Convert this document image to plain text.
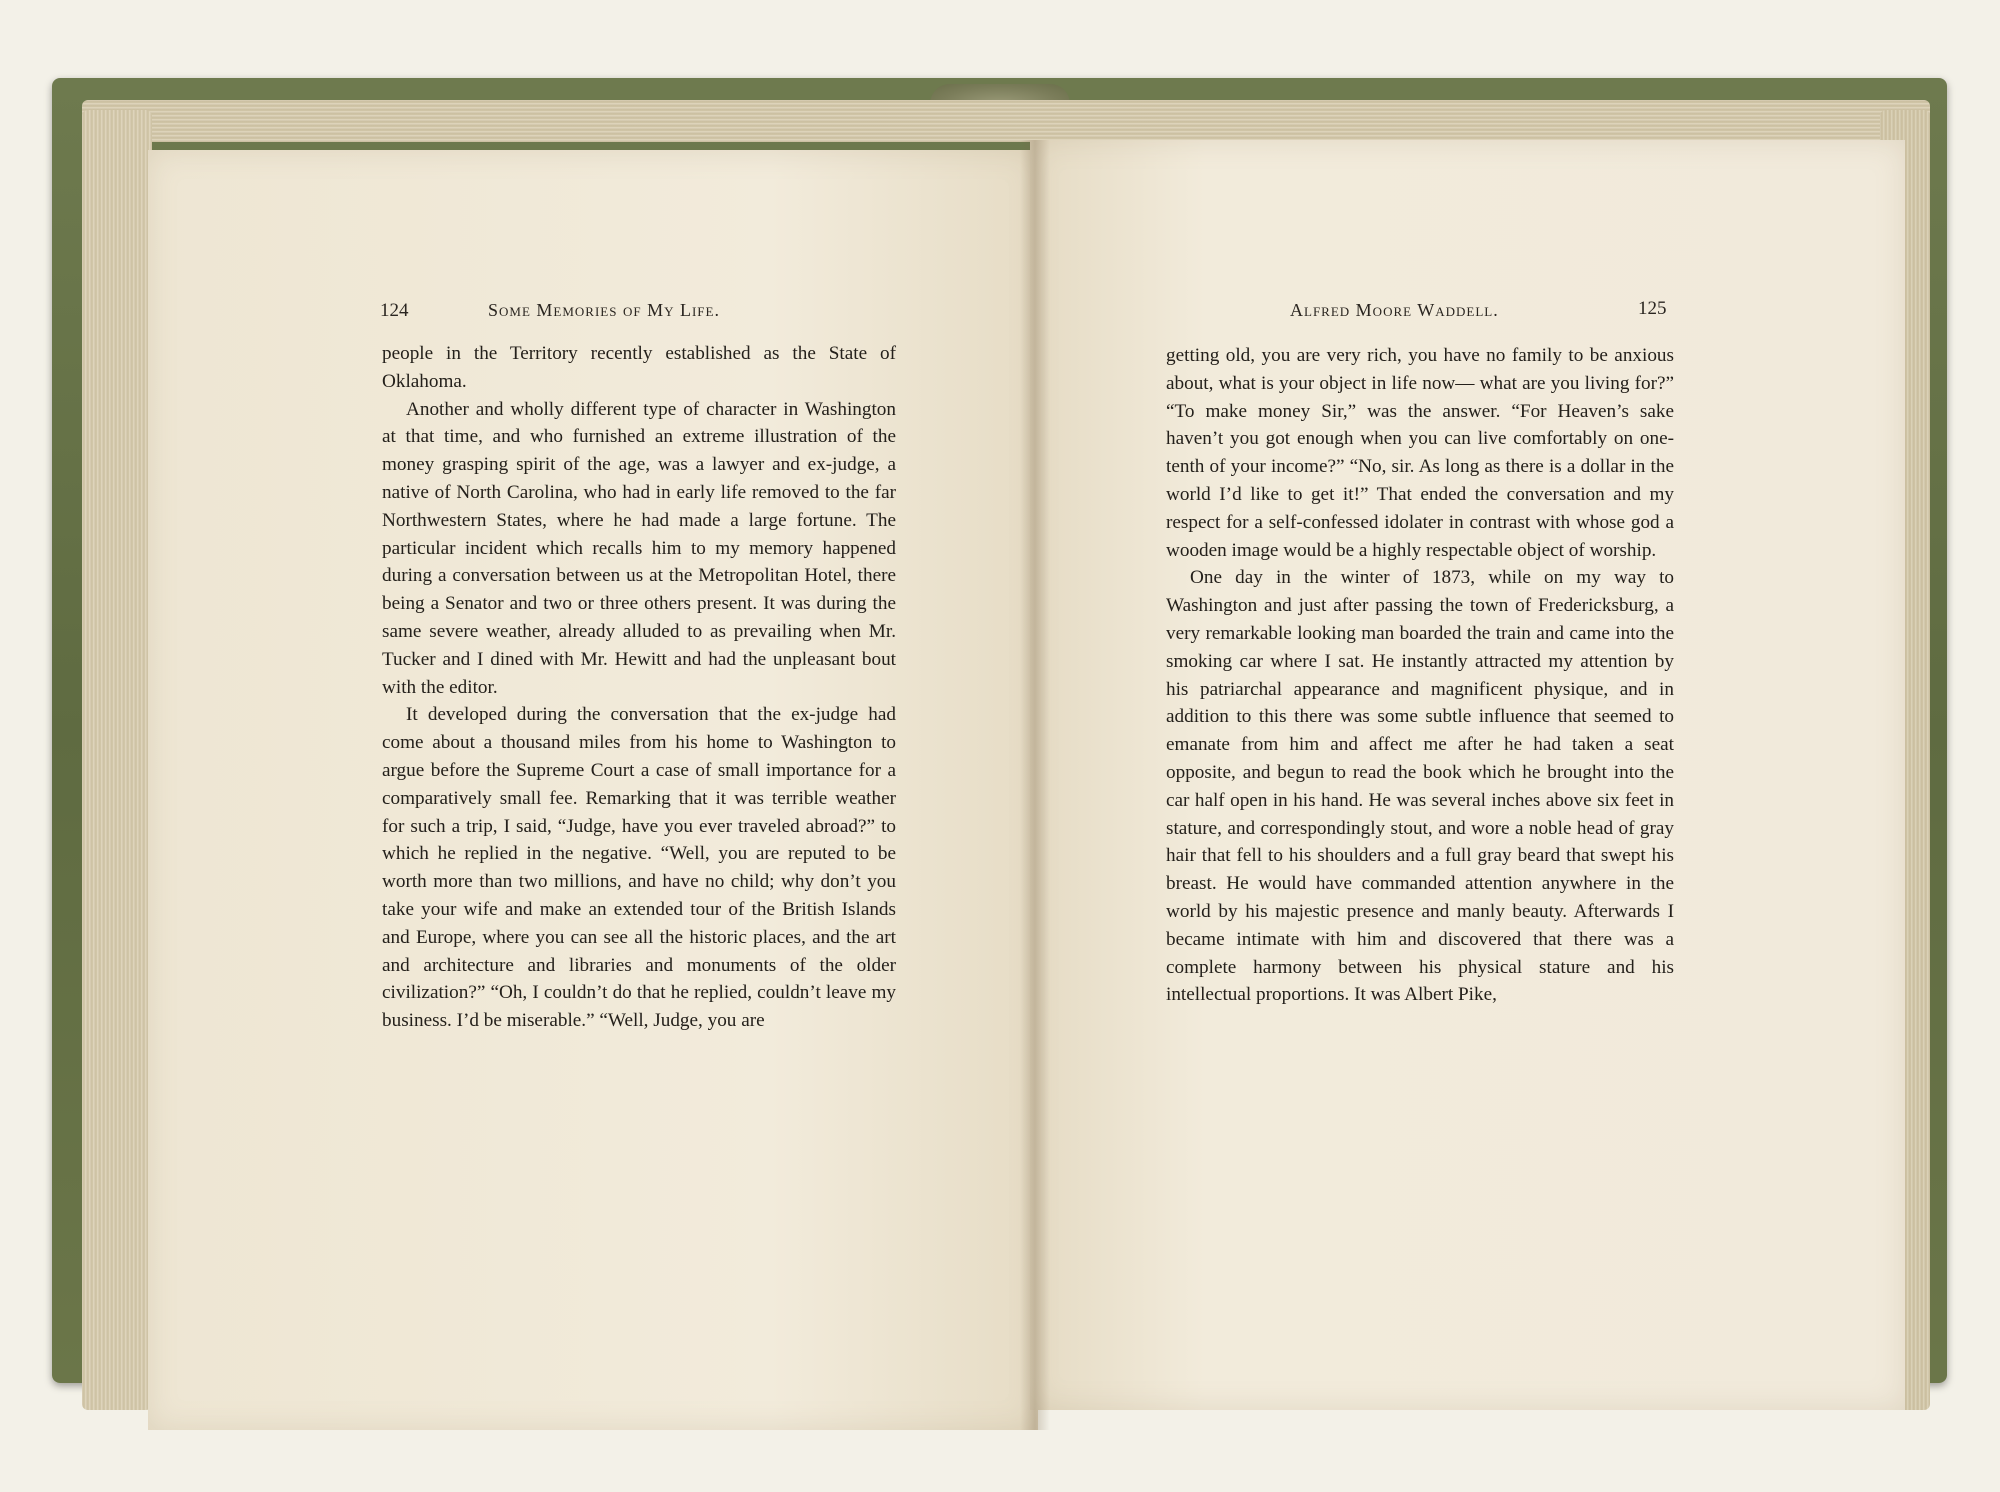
124	Some Memories of My Life.

people in the Territory recently established as the State of Oklahoma.

Another and wholly different type of character in Washington at that time, and who furnished an extreme illustration of the money grasping spirit of the age, was a lawyer and ex-judge, a native of North Carolina, who had in early life removed to the far Northwestern States, where he had made a large fortune. The particular incident which recalls him to my memory happened during a conversation between us at the Metropolitan Hotel, there being a Senator and two or three others present. It was during the same severe weather, already alluded to as prevailing when Mr. Tucker and I dined with Mr. Hewitt and had the unpleasant bout with the editor.

It developed during the conversation that the ex-judge had come about a thousand miles from his home to Washington to argue before the Supreme Court a case of small importance for a comparatively small fee. Remarking that it was terrible weather for such a trip, I said, “Judge, have you ever traveled abroad?” to which he replied in the negative. “Well, you are reputed to be worth more than two millions, and have no child; why don’t you take your wife and make an extended tour of the British Islands and Europe, where you can see all the historic places, and the art and architecture and libraries and monuments of the older civilization?” “Oh, I couldn’t do that he replied, couldn’t leave my business. I’d be miserable.” “Well, Judge, you are

Alfred Moore Waddell.	125

getting old, you are very rich, you have no family to be anxious about, what is your object in life now— what are you living for?” “To make money Sir,” was the answer. “For Heaven’s sake haven’t you got enough when you can live comfortably on one-tenth of your income?” “No, sir. As long as there is a dollar in the world I’d like to get it!” That ended the conversation and my respect for a self-confessed idolater in contrast with whose god a wooden image would be a highly respectable object of worship.

One day in the winter of 1873, while on my way to Washington and just after passing the town of Fredericksburg, a very remarkable looking man boarded the train and came into the smoking car where I sat. He instantly attracted my attention by his patriarchal appearance and magnificent physique, and in addition to this there was some subtle influence that seemed to emanate from him and affect me after he had taken a seat opposite, and begun to read the book which he brought into the car half open in his hand. He was several inches above six feet in stature, and correspondingly stout, and wore a noble head of gray hair that fell to his shoulders and a full gray beard that swept his breast. He would have commanded attention anywhere in the world by his majestic presence and manly beauty. Afterwards I became intimate with him and discovered that there was a complete harmony between his physical stature and his intellectual proportions. It was Albert Pike,
